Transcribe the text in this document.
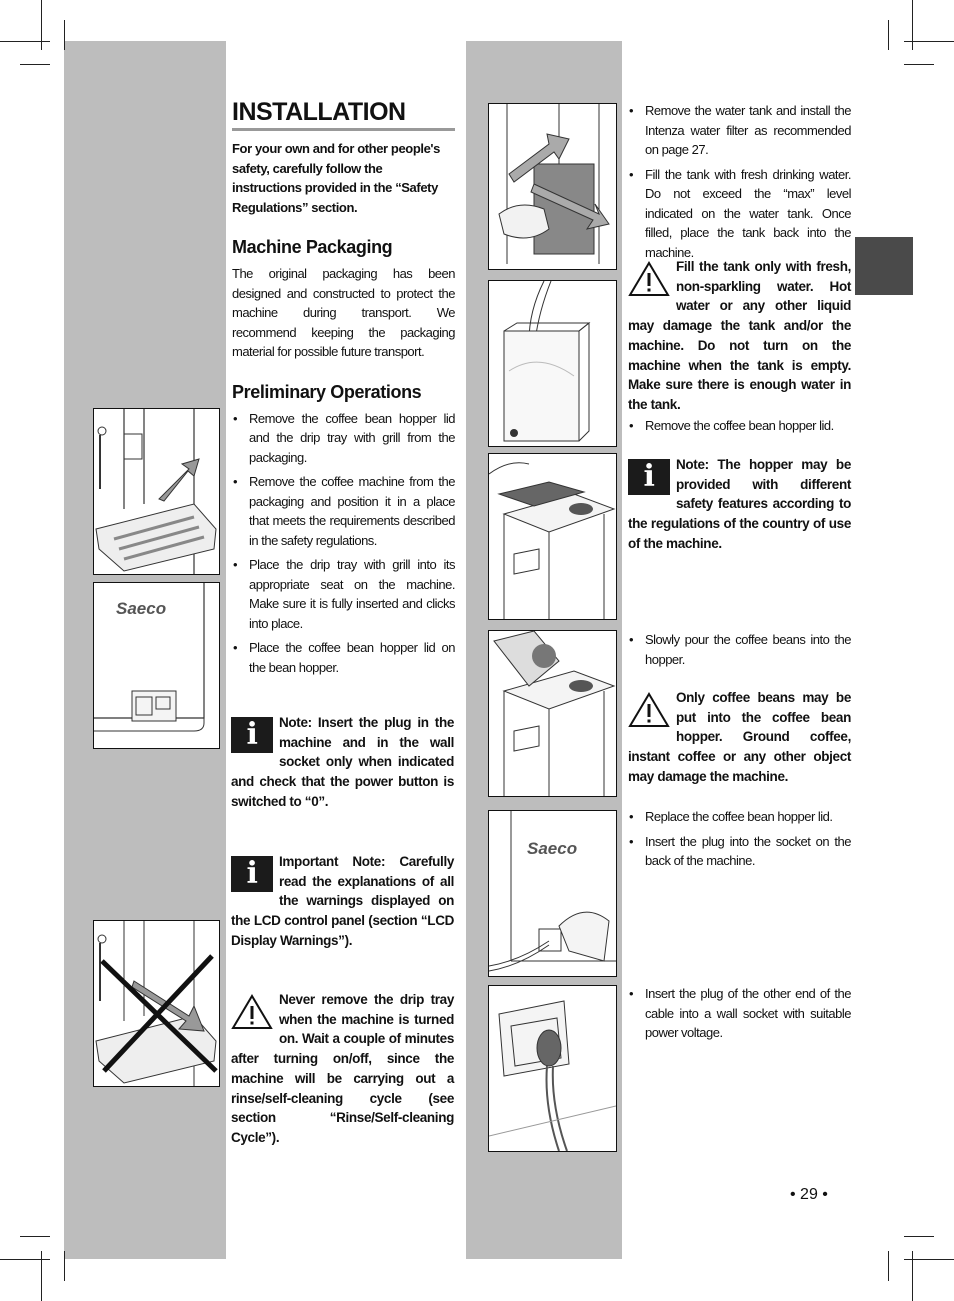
INSTALLATION

For your own and for other people's safety, carefully follow the instructions provided in the “Safety Regulations” section.

Machine Packaging

The original packaging has been designed and constructed to protect the machine during transport. We recommend keeping the packaging material for possible future transport.

Preliminary Operations
• Remove the coffee bean hopper lid and the drip tray with grill from the packaging.
• Remove the coffee machine from the packaging and position it in a place that meets the requirements described in the safety regulations.
• Place the drip tray with grill into its appropriate seat on the machine. Make sure it is fully inserted and clicks into place.
• Place the coffee bean hopper lid on the bean hopper.
i	Note: Insert the plug in the machine and in the wall socket only when indicated and check that the power button is switched to “0”.
i	Important Note: Carefully read the explanations of all the warnings displayed on the LCD control panel (section “LCD Display Warnings”).
Never remove the drip tray when the machine is turned on. Wait a couple of minutes after turning on/off, since the machine will be carrying out a rinse/self-cleaning cycle (see section “Rinse/Self-cleaning Cycle”).
Saeco
Saeco
• Remove the water tank and install the Intenza water filter as recommended on page 27.
• Fill the tank with fresh drinking water. Do not exceed the “max” level indicated on the water tank. Once filled, place the tank back into the machine.
Fill the tank only with fresh, non-sparkling water. Hot water or any other liquid may damage the tank and/or the machine. Do not turn on the machine when the tank is empty. Make sure there is enough water in the tank.
• Remove the coffee bean hopper lid.
i	Note: The hopper may be provided with different safety features according to the regulations of the country of use of the machine.
• Slowly pour the coffee beans into the hopper.
Only coffee beans may be put into the coffee bean hopper. Ground coffee, instant coffee or any other object may damage the machine.
• Replace the coffee bean hopper lid.
• Insert the plug into the socket on the back of the machine.
• Insert the plug of the other end of the cable into a wall socket with suitable power voltage.
• 29 •
